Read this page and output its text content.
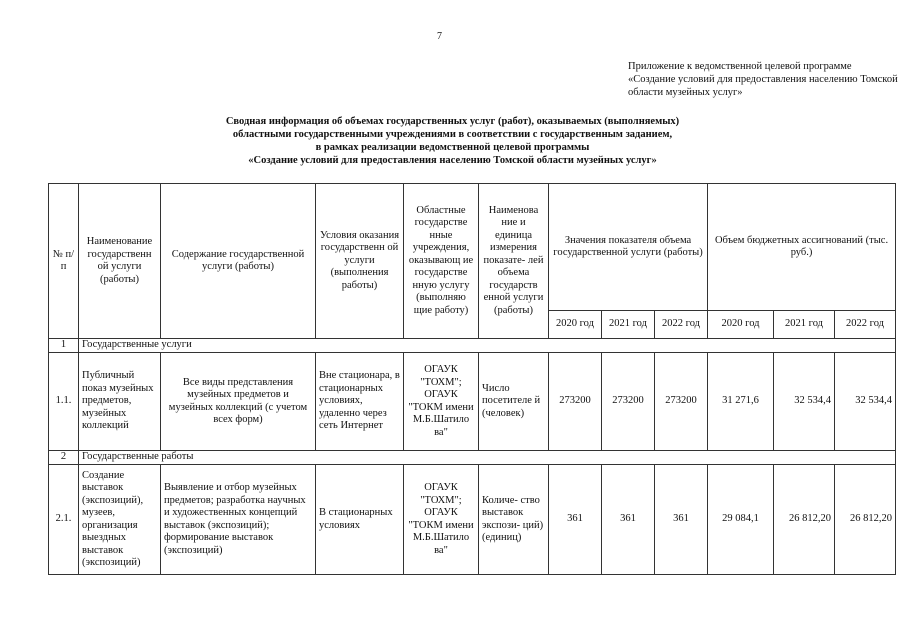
7
Приложение к ведомственной целевой программе
«Создание условий для предоставления населению Томской
области музейных услуг»
Сводная информация об объемах государственных услуг (работ), оказываемых (выполняемых)
областными государственными учреждениями в соответствии с государственным заданием,
в рамках реализации ведомственной целевой программы
«Создание условий для предоставления населению Томской области музейных услуг»
№ п/п	Наименование государственн ой услуги (работы)	Содержание государственной услуги (работы)	Условия оказания государственн ой услуги (выполнения работы)	Областные государстве нные учреждения, оказывающ ие государстве нную услугу (выполняю щие работу)	Наименова ние и единица измерения показате- лей объема государств енной услуги (работы)	Значения показателя объема государственной услуги (работы)			Объем бюджетных ассигнований (тыс. руб.)		
						2020 год	2021 год	2022 год	2020 год	2021 год	2022 год
1	Государственные услуги										
1.1.	Публичный показ музейных предметов, музейных коллекций	Все виды представления музейных предметов и музейных коллекций (с учетом всех форм)	Вне стационара, в стационарных условиях, удаленно через сеть Интернет	ОГАУК "ТОХМ"; ОГАУК "ТОКМ имени М.Б.Шатило ва"	Число посетителе й (человек)	273200	273200	273200	31 271,6	32 534,4	32 534,4
2	Государственные работы										
2.1.	Создание выставок (экспозиций), музеев, организация выездных выставок (экспозиций)	Выявление и отбор музейных предметов; разработка научных и художественных концепций выставок (экспозиций); формирование выставок (экспозиций)	В стационарных условиях	ОГАУК "ТОХМ"; ОГАУК "ТОКМ имени М.Б.Шатило ва"	Количе- ство выставок экспози- ций) (единиц)	361	361	361	29 084,1	26 812,20	26 812,20
